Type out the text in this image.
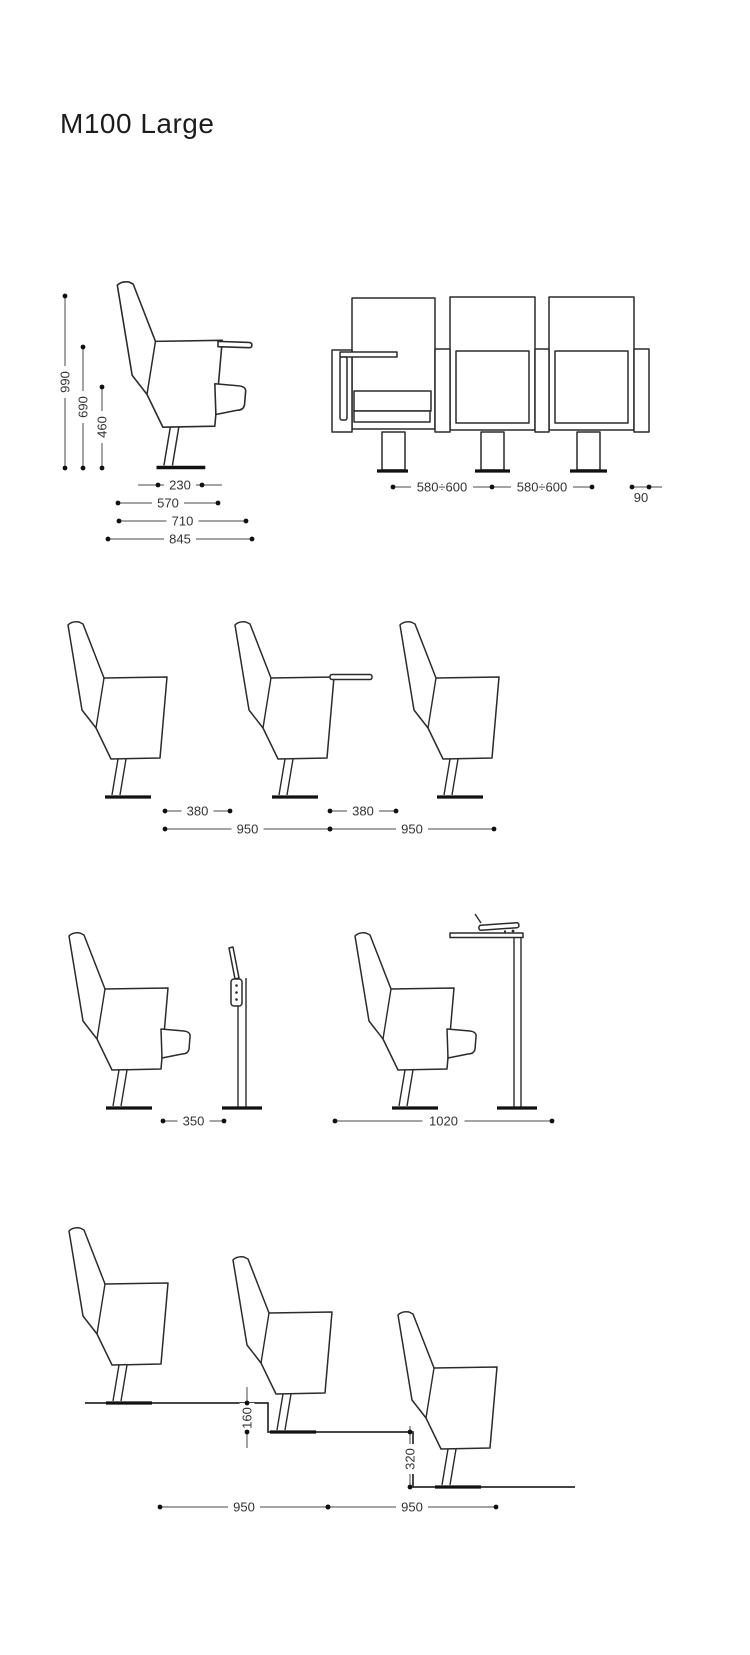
M100 Large
990
690
460
230
570
710
845
580÷600	580÷600
90
380	380
950	950
350	1020
160
320
950	950
